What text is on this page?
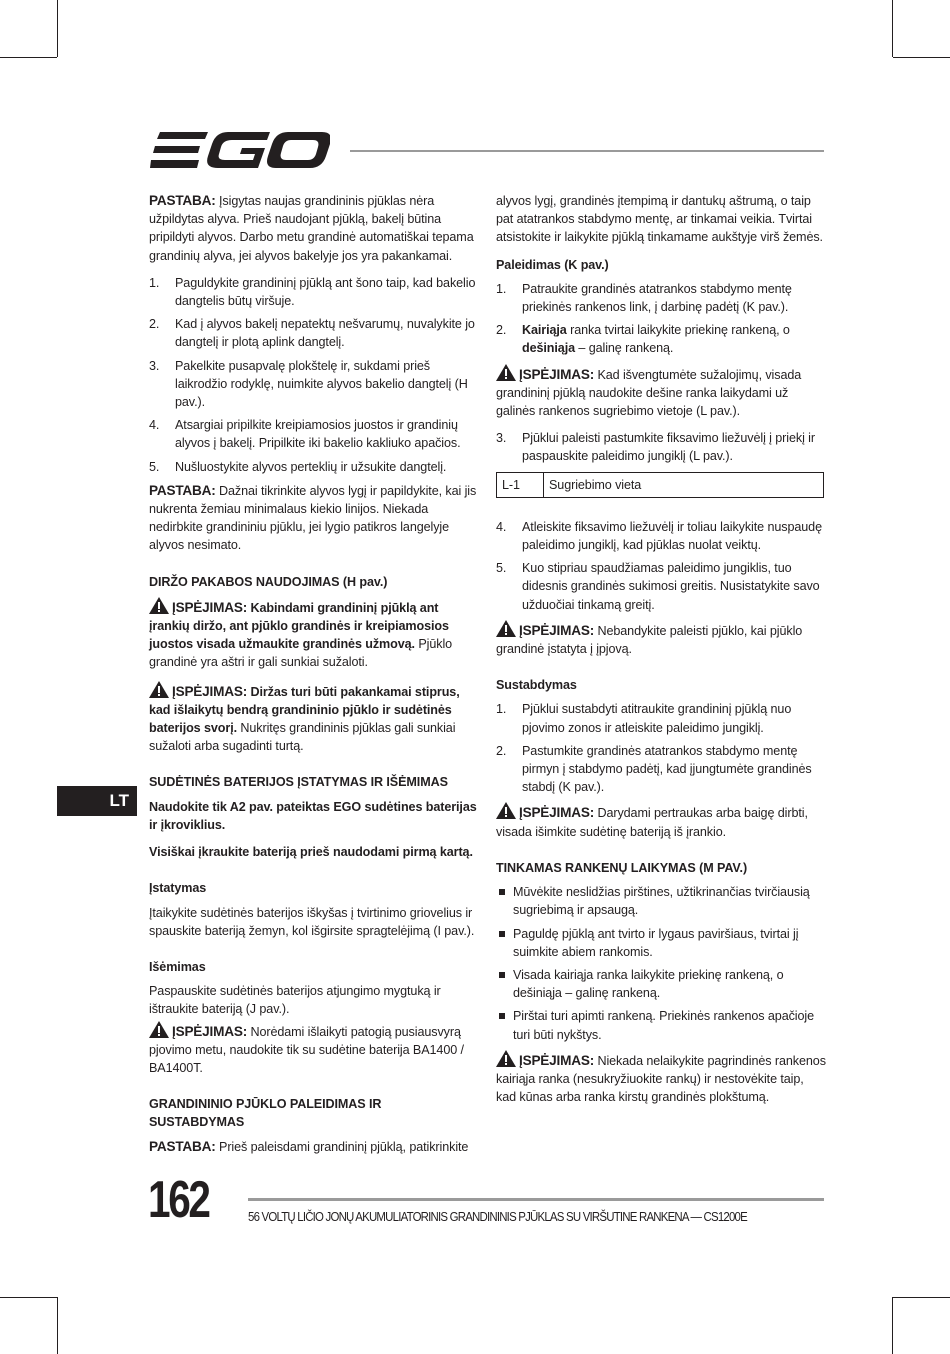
LT

PASTABA: Įsigytas naujas grandininis pjūklas nėra užpildytas alyva. Prieš naudojant pjūklą, bakelį būtina pripildyti alyvos. Darbo metu grandinė automatiškai tepama grandinių alyva, jei alyvos bakelyje jos yra pakankamai.

1. Paguldykite grandininį pjūklą ant šono taip, kad bakelio dangtelis būtų viršuje.
2. Kad į alyvos bakelį nepatektų nešvarumų, nuvalykite jo dangtelį ir plotą aplink dangtelį.
3. Pakelkite pusapvalę plokštelę ir, sukdami prieš laikrodžio rodyklę, nuimkite alyvos bakelio dangtelį (H pav.).
4. Atsargiai pripilkite kreipiamosios juostos ir grandinių alyvos į bakelį. Pripilkite iki bakelio kakliuko apačios.
5. Nušluostykite alyvos perteklių ir užsukite dangtelį.

PASTABA: Dažnai tikrinkite alyvos lygį ir papildykite, kai jis nukrenta žemiau minimalaus kiekio linijos. Niekada nedirbkite grandininiu pjūklu, jei lygio patikros langelyje alyvos nesimato.

DIRŽO PAKABOS NAUDOJIMAS (H pav.)

ĮSPĖJIMAS: Kabindami grandininį pjūklą ant įrankių diržo, ant pjūklo grandinės ir kreipiamosios juostos visada užmaukite grandinės užmovą. Pjūklo grandinė yra aštri ir gali sunkiai sužaloti.

ĮSPĖJIMAS: Diržas turi būti pakankamai stiprus, kad išlaikytų bendrą grandininio pjūklo ir sudėtinės baterijos svorį. Nukritęs grandininis pjūklas gali sunkiai sužaloti arba sugadinti turtą.

SUDĖTINĖS BATERIJOS ĮSTATYMAS IR IŠĖMIMAS

Naudokite tik A2 pav. pateiktas EGO sudėtines baterijas ir įkroviklius.

Visiškai įkraukite bateriją prieš naudodami pirmą kartą.

Įstatymas

Įtaikykite sudėtinės baterijos iškyšas į tvirtinimo griovelius ir spauskite bateriją žemyn, kol išgirsite spragtelėjimą (I pav.).

Išėmimas

Paspauskite sudėtinės baterijos atjungimo mygtuką ir ištraukite bateriją (J pav.).

ĮSPĖJIMAS: Norėdami išlaikyti patogią pusiausvyrą pjovimo metu, naudokite tik su sudėtine baterija BA1400 / BA1400T.

GRANDININIO PJŪKLO PALEIDIMAS IR SUSTABDYMAS

PASTABA: Prieš paleisdami grandininį pjūklą, patikrinkite

alyvos lygį, grandinės įtempimą ir dantukų aštrumą, o taip pat atatrankos stabdymo mentę, ar tinkamai veikia. Tvirtai atsistokite ir laikykite pjūklą tinkamame aukštyje virš žemės.

Paleidimas (K pav.)
1. Patraukite grandinės atatrankos stabdymo mentę priekinės rankenos link, į darbinę padėtį (K pav.).
2. Kairiąja ranka tvirtai laikykite priekinę rankeną, o dešiniąja – galinę rankeną.

ĮSPĖJIMAS: Kad išvengtumėte sužalojimų, visada grandininį pjūklą naudokite dešine ranka laikydami už galinės rankenos sugriebimo vietoje (L pav.).

3. Pjūklui paleisti pastumkite fiksavimo liežuvėlį į priekį ir paspauskite paleidimo jungiklį (L pav.).
L-1	Sugriebimo vieta
4. Atleiskite fiksavimo liežuvėlį ir toliau laikykite nuspaudę paleidimo jungiklį, kad pjūklas nuolat veiktų.
5. Kuo stipriau spaudžiamas paleidimo jungiklis, tuo didesnis grandinės sukimosi greitis. Nusistatykite savo užduočiai tinkamą greitį.

ĮSPĖJIMAS: Nebandykite paleisti pjūklo, kai pjūklo grandinė įstatyta į įpjovą.

Sustabdymas
1. Pjūklui sustabdyti atitraukite grandininį pjūklą nuo pjovimo zonos ir atleiskite paleidimo jungiklį.
2. Pastumkite grandinės atatrankos stabdymo mentę pirmyn į stabdymo padėtį, kad įjungtumėte grandinės stabdį (K pav.).

ĮSPĖJIMAS: Darydami pertraukas arba baigę dirbti, visada išimkite sudėtinę bateriją iš įrankio.

TINKAMAS RANKENŲ LAIKYMAS (M PAV.)
Mūvėkite neslidžias pirštines, užtikrinančias tvirčiausią sugriebimą ir apsaugą.
Paguldę pjūklą ant tvirto ir lygaus paviršiaus, tvirtai jį suimkite abiem rankomis.
Visada kairiąja ranka laikykite priekinę rankeną, o dešiniąja – galinę rankeną.
Pirštai turi apimti rankeną. Priekinės rankenos apačioje turi būti nykštys.

ĮSPĖJIMAS: Niekada nelaikykite pagrindinės rankenos kairiąja ranka (nesukryžiuokite rankų) ir nestovėkite taip, kad kūnas arba ranka kirstų grandinės plokštumą.

162	56 VOLTŲ LIČIO JONŲ AKUMULIATORINIS GRANDININIS PJŪKLAS SU VIRŠUTINE RANKENA — CS1200E
